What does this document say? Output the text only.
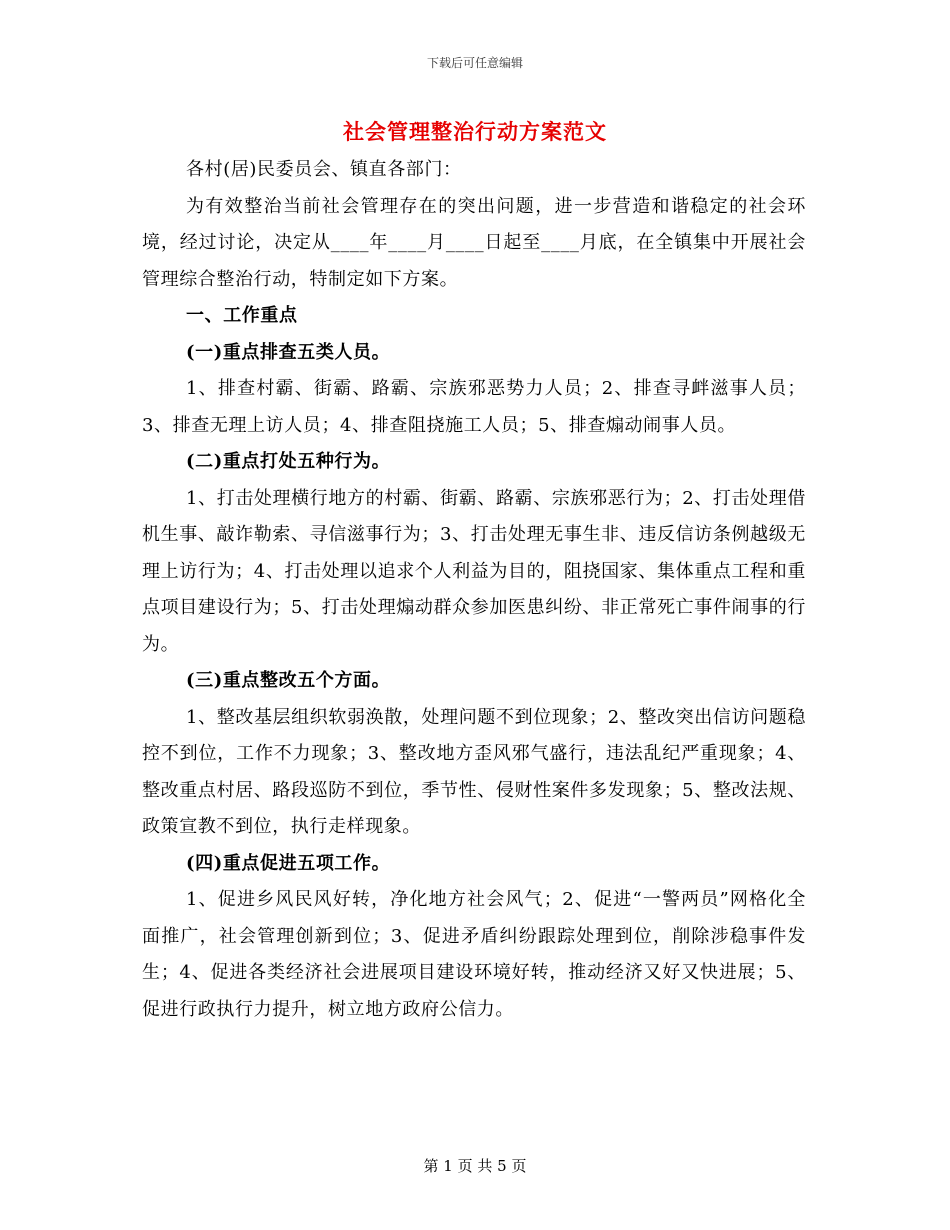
下载后可任意编辑
社会管理整治行动方案范文

各村(居)民委员会、镇直各部门：

为有效整治当前社会管理存在的突出问题，进一步营造和谐稳定的社会环境，经过讨论，决定从____年____月____日起至____月底，在全镇集中开展社会管理综合整治行动，特制定如下方案。

一、工作重点

(一)重点排查五类人员。

1、排查村霸、街霸、路霸、宗族邪恶势力人员；2、排查寻衅滋事人员；3、排查无理上访人员；4、排查阻挠施工人员；5、排查煽动闹事人员。

(二)重点打处五种行为。

1、打击处理横行地方的村霸、街霸、路霸、宗族邪恶行为；2、打击处理借机生事、敲诈勒索、寻信滋事行为；3、打击处理无事生非、违反信访条例越级无理上访行为；4、打击处理以追求个人利益为目的，阻挠国家、集体重点工程和重点项目建设行为；5、打击处理煽动群众参加医患纠纷、非正常死亡事件闹事的行为。

(三)重点整改五个方面。

1、整改基层组织软弱涣散，处理问题不到位现象；2、整改突出信访问题稳控不到位，工作不力现象；3、整改地方歪风邪气盛行，违法乱纪严重现象；4、整改重点村居、路段巡防不到位，季节性、侵财性案件多发现象；5、整改法规、政策宣教不到位，执行走样现象。

(四)重点促进五项工作。

1、促进乡风民风好转，净化地方社会风气；2、促进“一警两员”网格化全面推广，社会管理创新到位；3、促进矛盾纠纷跟踪处理到位，削除涉稳事件发生；4、促进各类经济社会进展项目建设环境好转，推动经济又好又快进展；5、促进行政执行力提升，树立地方政府公信力。

第 1 页 共 5 页
